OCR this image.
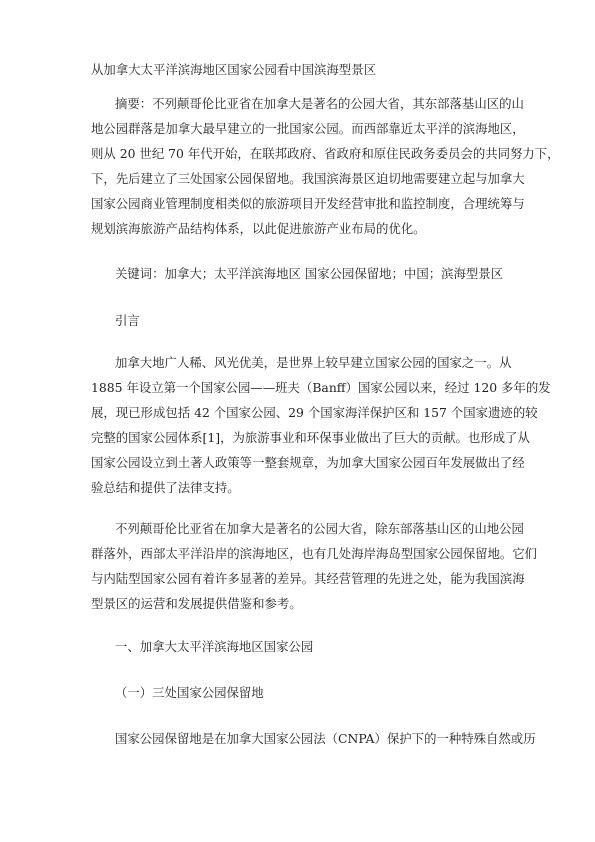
从加拿大太平洋滨海地区国家公园看中国滨海型景区
摘要：不列颠哥伦比亚省在加拿大是著名的公园大省，其东部落基山区的山
地公园群落是加拿大最早建立的一批国家公园。而西部靠近太平洋的滨海地区，
则从 20 世纪 70 年代开始，在联邦政府、省政府和原住民政务委员会的共同努力下，
下，先后建立了三处国家公园保留地。我国滨海景区迫切地需要建立起与加拿大
国家公园商业管理制度相类似的旅游项目开发经营审批和监控制度，合理统筹与
规划滨海旅游产品结构体系，以此促进旅游产业布局的优化。
关键词：加拿大；太平洋滨海地区 国家公园保留地；中国；滨海型景区
引言
加拿大地广人稀、风光优美，是世界上较早建立国家公园的国家之一。从
1885 年设立第一个国家公园——班夫（Banff）国家公园以来，经过 120 多年的发
展，现已形成包括 42 个国家公园、29 个国家海洋保护区和 157 个国家遗迹的较
完整的国家公园体系[1]，为旅游事业和环保事业做出了巨大的贡献。也形成了从
国家公园设立到土著人政策等一整套规章，为加拿大国家公园百年发展做出了经
验总结和提供了法律支持。
不列颠哥伦比亚省在加拿大是著名的公园大省，除东部落基山区的山地公园
群落外，西部太平洋沿岸的滨海地区，也有几处海岸海岛型国家公园保留地。它们
与内陆型国家公园有着许多显著的差异。其经营管理的先进之处，能为我国滨海
型景区的运营和发展提供借鉴和参考。
一、加拿大太平洋滨海地区国家公园
（一）三处国家公园保留地
国家公园保留地是在加拿大国家公园法（CNPA）保护下的一种特殊自然或历
